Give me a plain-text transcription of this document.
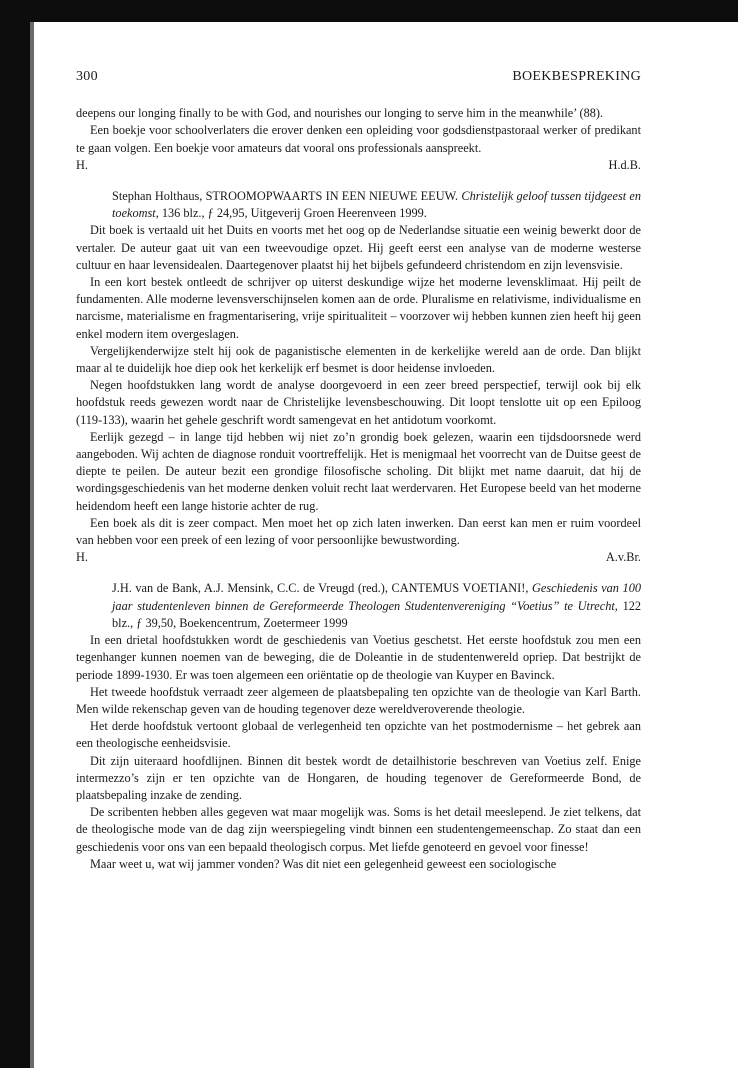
300	BOEKBESPREKING

deepens our longing finally to be with God, and nourishes our longing to serve him in the meanwhile’ (88).

Een boekje voor schoolverlaters die erover denken een opleiding voor godsdienstpastoraal werker of predikant te gaan volgen. Een boekje voor amateurs dat vooral ons professionals aanspreekt.

H.	H.d.B.

Stephan Holthaus, STROOMOPWAARTS IN EEN NIEUWE EEUW. Christelijk geloof tussen tijdgeest en toekomst, 136 blz., ƒ 24,95, Uitgeverij Groen Heerenveen 1999.

Dit boek is vertaald uit het Duits en voorts met het oog op de Nederlandse situatie een weinig bewerkt door de vertaler. De auteur gaat uit van een tweevoudige opzet. Hij geeft eerst een analyse van de moderne westerse cultuur en haar levensidealen. Daartegenover plaatst hij het bijbels gefundeerd christendom en zijn levensvisie.

In een kort bestek ontleedt de schrijver op uiterst deskundige wijze het moderne levensklimaat. Hij peilt de fundamenten. Alle moderne levensverschijnselen komen aan de orde. Pluralisme en relativisme, individualisme en narcisme, materialisme en fragmentarisering, vrije spiritualiteit – voorzover wij hebben kunnen zien heeft hij geen enkel modern item overgeslagen.

Vergelijkenderwijze stelt hij ook de paganistische elementen in de kerkelijke wereld aan de orde. Dan blijkt maar al te duidelijk hoe diep ook het kerkelijk erf besmet is door heidense invloeden.

Negen hoofdstukken lang wordt de analyse doorgevoerd in een zeer breed perspectief, terwijl ook bij elk hoofdstuk reeds gewezen wordt naar de Christelijke levensbeschouwing. Dit loopt tenslotte uit op een Epiloog (119-133), waarin het gehele geschrift wordt samengevat en het antidotum voorkomt.

Eerlijk gezegd – in lange tijd hebben wij niet zo’n grondig boek gelezen, waarin een tijdsdoorsnede werd aangeboden. Wij achten de diagnose ronduit voortreffelijk. Het is menigmaal het voorrecht van de Duitse geest de diepte te peilen. De auteur bezit een grondige filosofische scholing. Dit blijkt met name daaruit, dat hij de wordingsgeschiedenis van het moderne denken voluit recht laat werdervaren. Het Europese beeld van het moderne heidendom heeft een lange historie achter de rug.

Een boek als dit is zeer compact. Men moet het op zich laten inwerken. Dan eerst kan men er ruim voordeel van hebben voor een preek of een lezing of voor persoonlijke bewustwording.

H.	A.v.Br.

J.H. van de Bank, A.J. Mensink, C.C. de Vreugd (red.), CANTEMUS VOETIANI!, Geschiedenis van 100 jaar studentenleven binnen de Gereformeerde Theologen Studentenvereniging “Voetius” te Utrecht, 122 blz., ƒ 39,50, Boekencentrum, Zoetermeer 1999

In een drietal hoofdstukken wordt de geschiedenis van Voetius geschetst. Het eerste hoofdstuk zou men een tegenhanger kunnen noemen van de beweging, die de Doleantie in de studentenwereld opriep. Dat bestrijkt de periode 1899-1930. Er was toen algemeen een oriëntatie op de theologie van Kuyper en Bavinck.

Het tweede hoofdstuk verraadt zeer algemeen de plaatsbepaling ten opzichte van de theologie van Karl Barth. Men wilde rekenschap geven van de houding tegenover deze wereldveroverende theologie.

Het derde hoofdstuk vertoont globaal de verlegenheid ten opzichte van het postmodernisme – het gebrek aan een theologische eenheidsvisie.

Dit zijn uiteraard hoofdlijnen. Binnen dit bestek wordt de detailhistorie beschreven van Voetius zelf. Enige intermezzo’s zijn er ten opzichte van de Hongaren, de houding tegenover de Gereformeerde Bond, de plaatsbepaling inzake de zending.

De scribenten hebben alles gegeven wat maar mogelijk was. Soms is het detail meeslepend. Je ziet telkens, dat de theologische mode van de dag zijn weerspiegeling vindt binnen een studentengemeenschap. Zo staat dan een geschiedenis voor ons van een bepaald theologisch corpus. Met liefde genoteerd en gevoel voor finesse!

Maar weet u, wat wij jammer vonden? Was dit niet een gelegenheid geweest een sociologische
